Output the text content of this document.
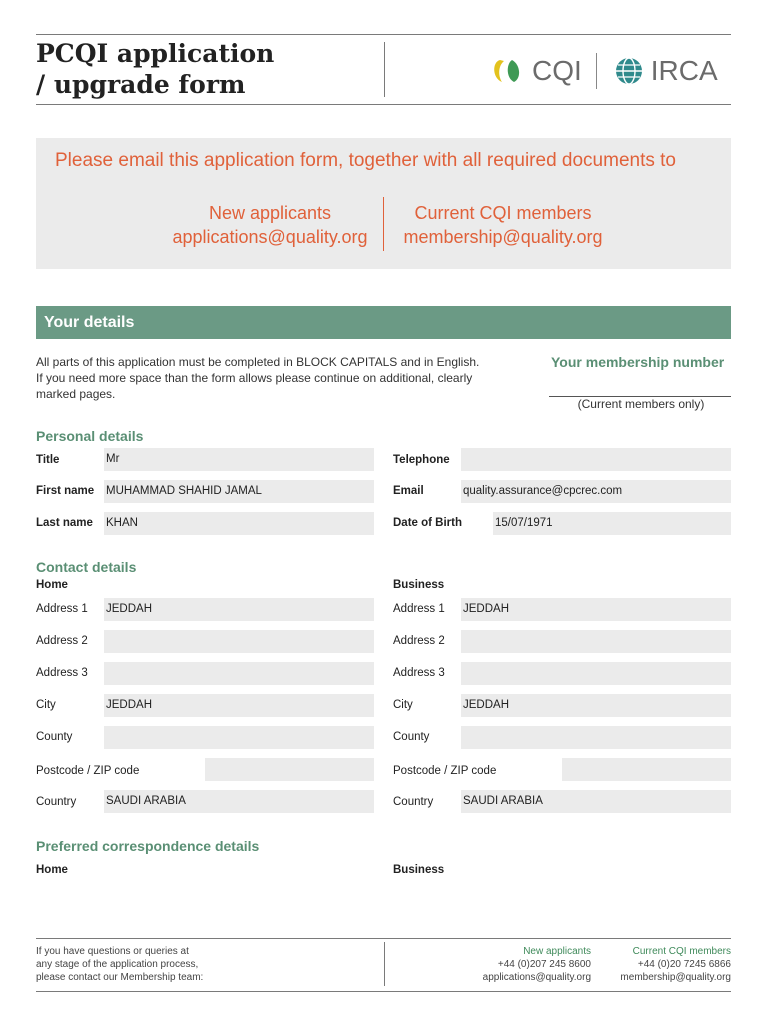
PCQI application
/ upgrade form	CQI IRCA
Please email this application form, together with all required documents to
New applicants
applications@quality.org
Current CQI members
membership@quality.org
Your details
All parts of this application must be completed in BLOCK CAPITALS and in English.
If you need more space than the form allows please continue on additional, clearly
marked pages.
Your membership number
(Current members only)
Personal details
Title	Mr
First name MUHAMMAD SHAHID JAMAL
Last name KHAN
Telephone
Email	quality.assurance@cpcrec.com
Date of Birth	15/07/1971
Contact details
Home	Business
Address 1 JEDDAH
Address 2
Address 3
City	JEDDAH
County
Postcode / ZIP code
Country	SAUDI ARABIA
Address 1 JEDDAH
Address 2
Address 3
City	JEDDAH
County
Postcode / ZIP code
Country	SAUDI ARABIA
Preferred correspondence details
Home	Business
If you have questions or queries at
any stage of the application process,
please contact our Membership team:
New applicants
+44 (0)207 245 8600
applications@quality.org
Current CQI members
+44 (0)20 7245 6866
membership@quality.org
